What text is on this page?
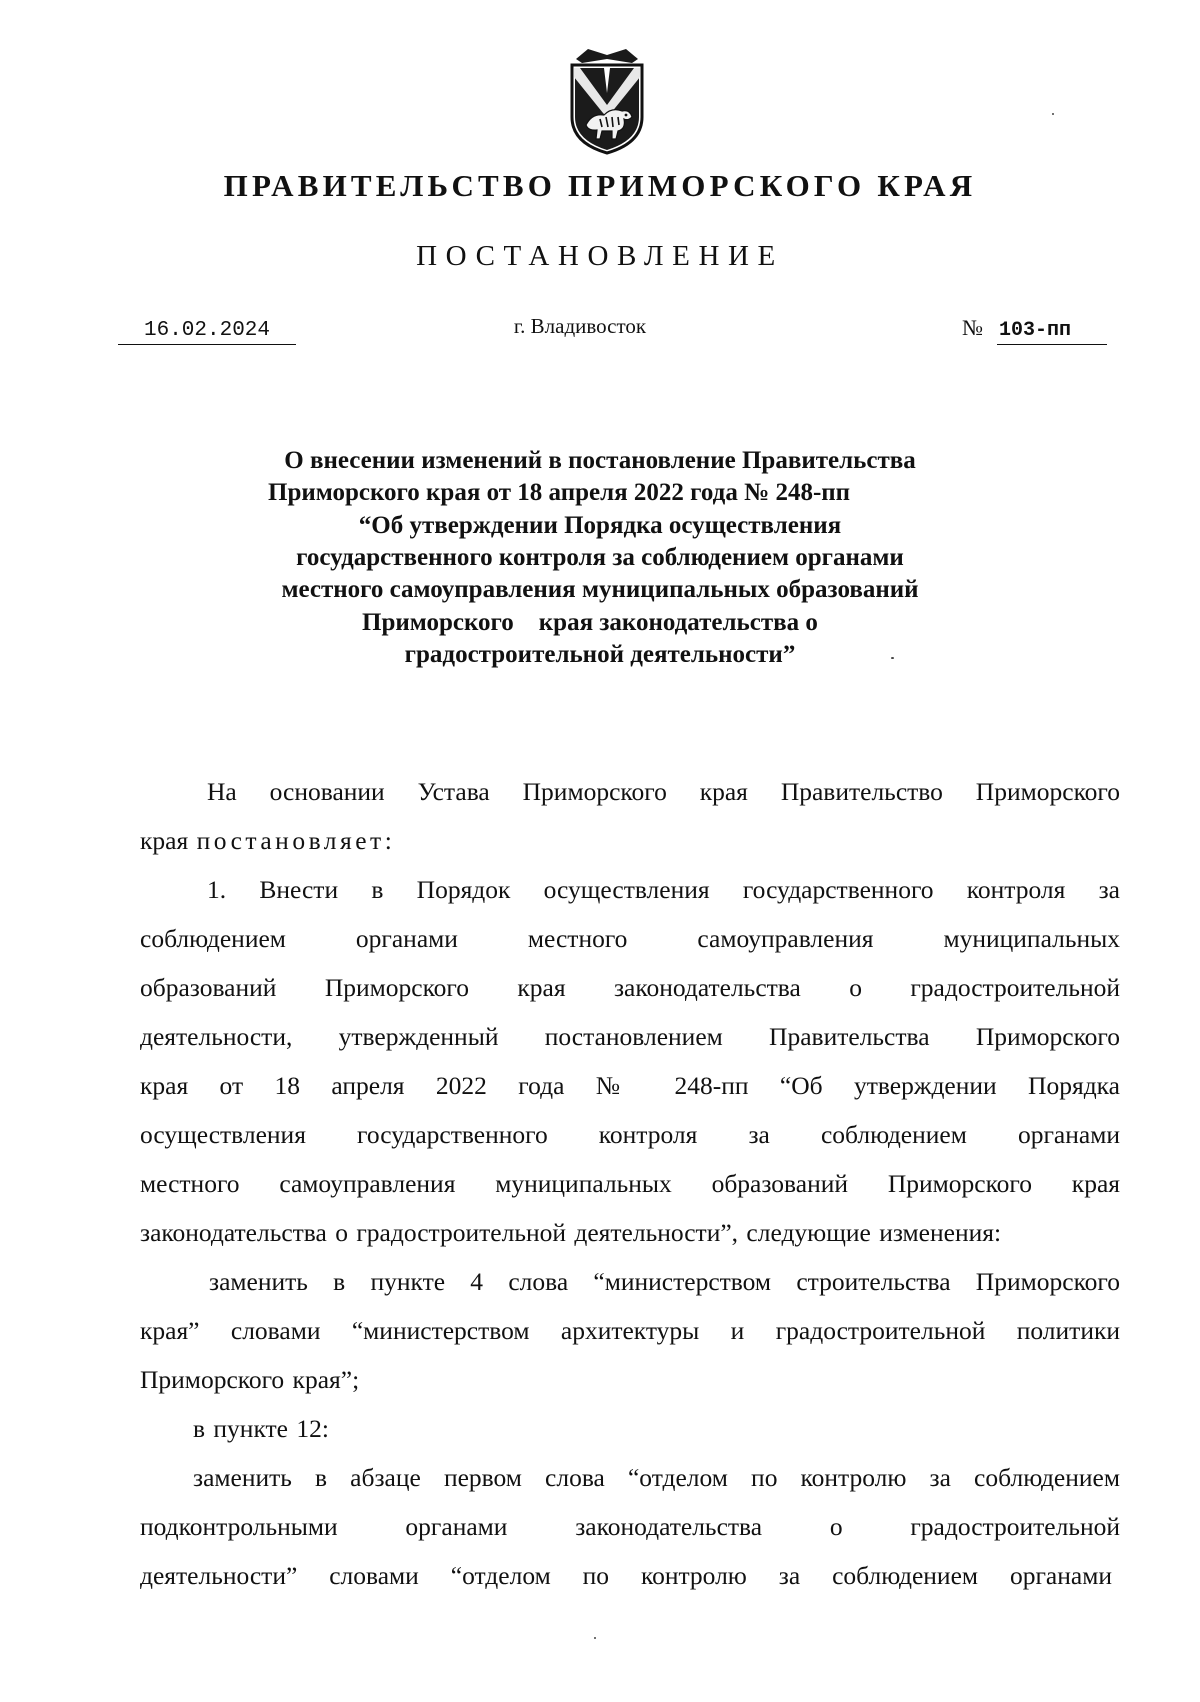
ПРАВИТЕЛЬСТВО ПРИМОРСКОГО КРАЯ
ПОСТАНОВЛЕНИЕ
16.02.2024	г. Владивосток	№ 103-пп
О внесении изменений в постановление Правительства
Приморского края от 18 апреля 2022 года № 248-пп
“Об утверждении Порядка осуществления
государственного контроля за соблюдением органами
местного самоуправления муниципальных образований
Приморского    края законодательства о
градостроительной деятельности”
На основании Устава Приморского края Правительство Приморского
края постановляет:
1. Внести в Порядок осуществления государственного контроля за
соблюдением органами местного самоуправления муниципальных
образований Приморского края законодательства о градостроительной
деятельности, утвержденный постановлением Правительства Приморского
края от 18 апреля 2022 года № 248-пп “Об утверждении Порядка
осуществления государственного контроля за соблюдением органами
местного самоуправления муниципальных образований Приморского края
законодательства о градостроительной деятельности”, следующие изменения:
заменить в пункте 4 слова “министерством строительства Приморского
края” словами “министерством архитектуры и градостроительной политики
Приморского края”;
в пункте 12:
заменить в абзаце первом слова “отделом по контролю за соблюдением
подконтрольными органами законодательства о градостроительной
деятельности” словами “отделом по контролю за соблюдением органами
